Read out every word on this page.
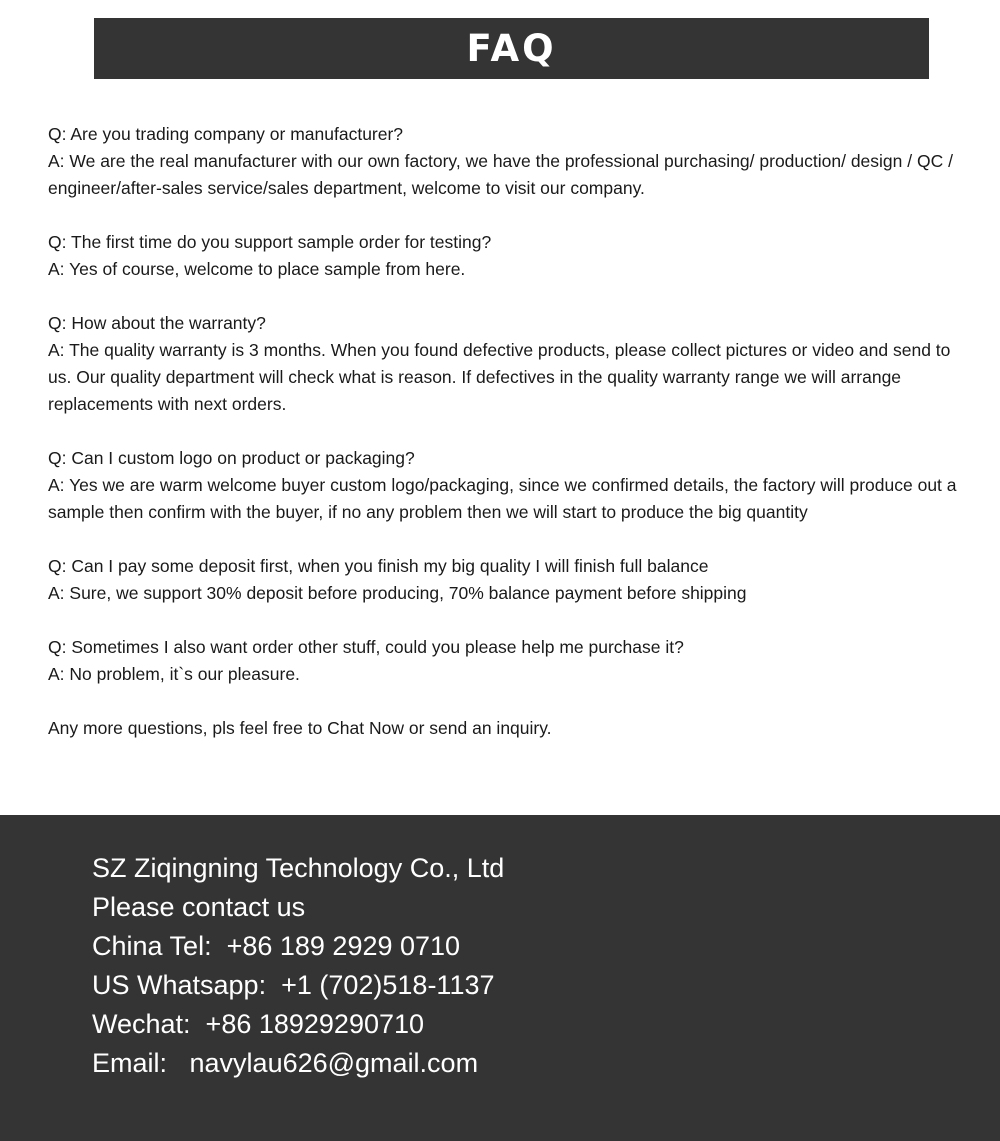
FAQ
Q: Are you trading company or manufacturer?
A: We are the real manufacturer with our own factory, we have the professional purchasing/ production/ design / QC / engineer/after-sales service/sales department, welcome to visit our company.
Q: The first time do you support sample order for testing?
A: Yes of course, welcome to place sample from here.
Q: How about the warranty?
A: The quality warranty is 3 months. When you found defective products, please collect pictures or video and send to us. Our quality department will check what is reason. If defectives in the quality warranty range we will arrange replacements with next orders.
Q: Can I custom logo on product or packaging?
A: Yes we are warm welcome buyer custom logo/packaging, since we confirmed details, the factory will produce out a sample then confirm with the buyer, if no any problem then we will start to produce the big quantity
Q: Can I pay some deposit first, when you finish my big quality I will finish full balance
A: Sure, we support 30% deposit before producing, 70% balance payment before shipping
Q: Sometimes I also want order other stuff, could you please help me purchase it?
A: No problem, it`s our pleasure.

Any more questions, pls feel free to Chat Now or send an inquiry.

SZ Ziqingning Technology Co., Ltd
Please contact us
China Tel:  +86 189 2929 0710
US Whatsapp:  +1 (702)518-1137
Wechat:  +86 18929290710
Email:   navylau626@gmail.com
